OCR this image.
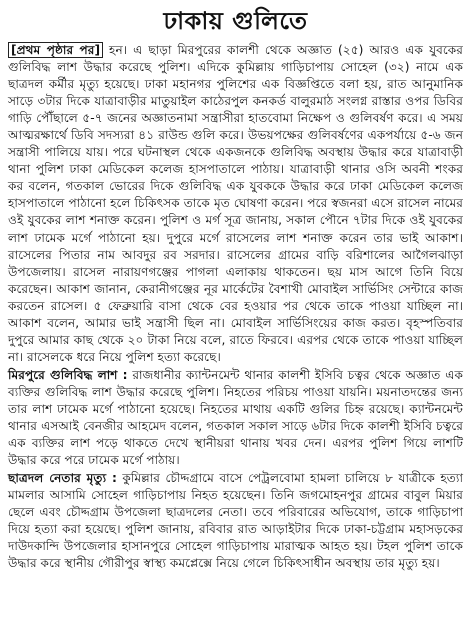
ঢাকায় গুলিতে

[প্রথম পৃষ্ঠার পর] হন। এ ছাড়া মিরপুরের কালশী থেকে অজ্ঞাত (২৫) আরও এক যুবকের গুলিবিদ্ধ লাশ উদ্ধার করেছে পুলিশ। এদিকে কুমিল্লায় গাড়িচাপায় সোহেল (৩২) নামে এক ছাত্রদল কর্মীর মৃত্যু হয়েছে। ঢাকা মহানগর পুলিশের এক বিজ্ঞপ্তিতে বলা হয়, রাত আনুমানিক সাড়ে ৩টার দিকে যাত্রাবাড়ীর মাতুয়াইল কাঠেরপুল কনকর্ড বালুরমাঠ সংলগ্ন রাস্তার ওপর ডিবির গাড়ি পৌঁছালে ৫-৭ জনের অজ্ঞাতনামা সন্ত্রাসীরা হাতবোমা নিক্ষেপ ও গুলিবর্ষণ করে। এ সময় আত্মরক্ষার্থে ডিবি সদস্যরা ৪১ রাউন্ড গুলি করে। উভয়পক্ষের গুলিবর্ষণের একপর্যায়ে ৫-৬ জন সন্ত্রাসী পালিয়ে যায়। পরে ঘটনাস্থল থেকে একজনকে গুলিবিদ্ধ অবস্থায় উদ্ধার করে যাত্রাবাড়ী থানা পুলিশ ঢাকা মেডিকেল কলেজ হাসপাতালে পাঠায়। যাত্রাবাড়ী থানার ওসি অবনী শংকর কর বলেন, গতকাল ভোরের দিকে গুলিবিদ্ধ এক যুবককে উদ্ধার করে ঢাকা মেডিকেল কলেজ হাসপাতালে পাঠানো হলে চিকিৎসক তাকে মৃত ঘোষণা করেন। পরে স্বজনরা এসে রাসেল নামের ওই যুবকের লাশ শনাক্ত করেন। পুলিশ ও মর্গ সূত্র জানায়, সকাল পৌনে ৭টার দিকে ওই যুবকের লাশ ঢামেক মর্গে পাঠানো হয়। দুপুরে মর্গে রাসেলের লাশ শনাক্ত করেন তার ভাই আকাশ। রাসেলের পিতার নাম আবদুর রব সরদার। রাসেলের গ্রামের বাড়ি বরিশালের আগৈলঝাড়া উপজেলায়। রাসেল নারায়ণগঞ্জের পাগলা এলাকায় থাকতেন। ছয় মাস আগে তিনি বিয়ে করেছেন। আকাশ জানান, কেরানীগঞ্জের নূর মার্কেটের বৈশাখী মোবাইল সার্ভিসিং সেন্টারে কাজ করতেন রাসেল। ৫ ফেব্রুয়ারি বাসা থেকে বের হওয়ার পর থেকে তাকে পাওয়া যাচ্ছিল না। আকাশ বলেন, আমার ভাই সন্ত্রাসী ছিল না। মোবাইল সার্ভিসিংয়ের কাজ করত। বৃহস্পতিবার দুপুরে আমার কাছ থেকে ২০ টাকা নিয়ে বলে, রাতে ফিরবে। এরপর থেকে তাকে পাওয়া যাচ্ছিল না। রাসেলকে ধরে নিয়ে পুলিশ হত্যা করেছে।

মিরপুরে গুলিবিদ্ধ লাশ : রাজধানীর ক্যান্টনমেন্ট থানার কালশী ইসিবি চত্বর থেকে অজ্ঞাত এক ব্যক্তির গুলিবিদ্ধ লাশ উদ্ধার করেছে পুলিশ। নিহতের পরিচয় পাওয়া যায়নি। ময়নাতদন্তের জন্য তার লাশ ঢামেক মর্গে পাঠানো হয়েছে। নিহতের মাথায় একটি গুলির চিহ্ন রয়েছে। ক্যান্টনমেন্ট থানার এসআই বেনজীর আহমেদ বলেন, গতকাল সকাল সাড়ে ৬টার দিকে কালশী ইসিবি চত্বরে এক ব্যক্তির লাশ পড়ে থাকতে দেখে স্থানীয়রা থানায় খবর দেন। এরপর পুলিশ গিয়ে লাশটি উদ্ধার করে পরে ঢামেক মর্গে পাঠায়।

ছাত্রদল নেতার মৃত্যু : কুমিল্লার চৌদ্দগ্রামে বাসে পেট্রলবোমা হামলা চালিয়ে ৮ যাত্রীকে হত্যা মামলার আসামি সোহেল গাড়িচাপায় নিহত হয়েছেন। তিনি জগমোহনপুর গ্রামের বাবুল মিয়ার ছেলে এবং চৌদ্দগ্রাম উপজেলা ছাত্রদলের নেতা। তবে পরিবারের অভিযোগ, তাকে গাড়িচাপা দিয়ে হত্যা করা হয়েছে। পুলিশ জানায়, রবিবার রাত আড়াইটার দিকে ঢাকা-চট্টগ্রাম মহাসড়কের দাউদকান্দি উপজেলার হাসানপুরে সোহেল গাড়িচাপায় মারাত্মক আহত হয়। টহল পুলিশ তাকে উদ্ধার করে স্থানীয় গৌরীপুর স্বাস্থ্য কমপ্লেক্সে নিয়ে গেলে চিকিৎসাধীন অবস্থায় তার মৃত্যু হয়।
